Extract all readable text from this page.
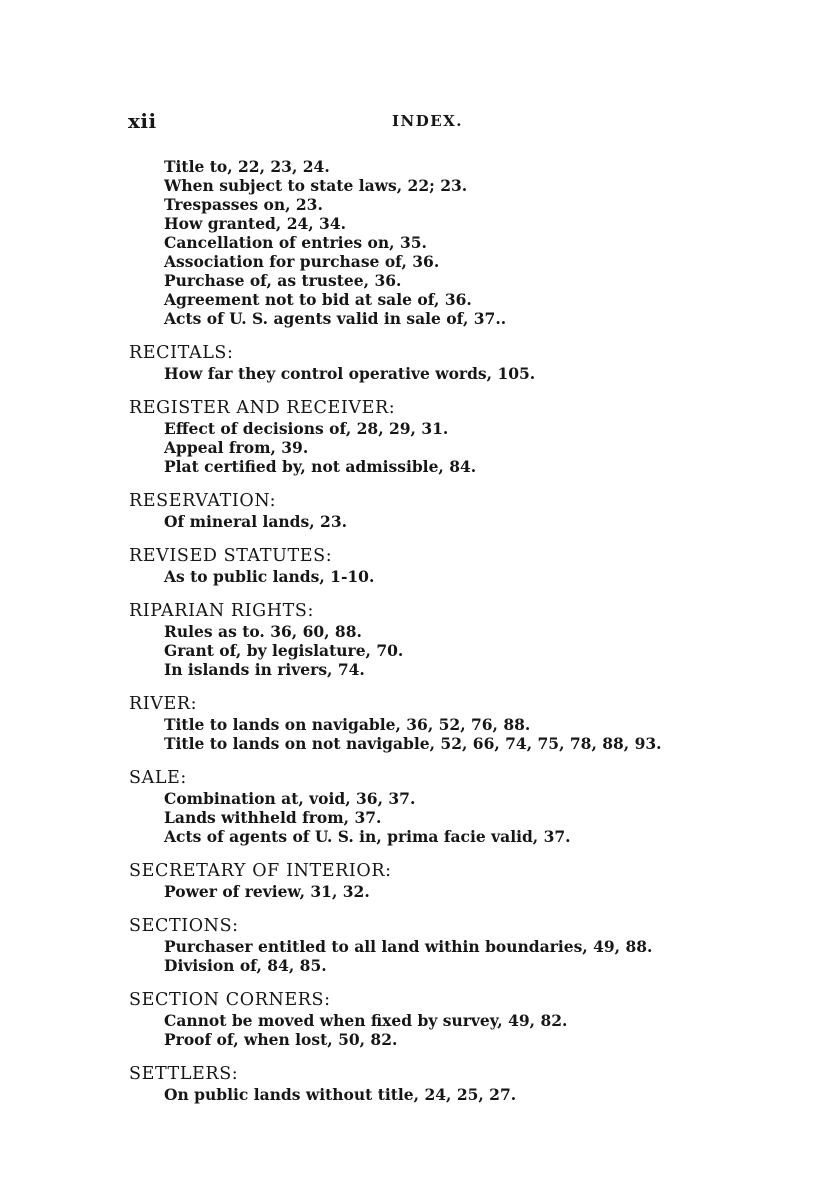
xii	INDEX.
Title to, 22, 23, 24.
When subject to state laws, 22; 23.
Trespasses on, 23.
How granted, 24, 34.
Cancellation of entries on, 35.
Association for purchase of, 36.
Purchase of, as trustee, 36.
Agreement not to bid at sale of, 36.
Acts of U. S. agents valid in sale of, 37..
RECITALS:
How far they control operative words, 105.
REGISTER AND RECEIVER:
Effect of decisions of, 28, 29, 31.
Appeal from, 39.
Plat certified by, not admissible, 84.
RESERVATION:
Of mineral lands, 23.
REVISED STATUTES:
As to public lands, 1-10.
RIPARIAN RIGHTS:
Rules as to. 36, 60, 88.
Grant of, by legislature, 70.
In islands in rivers, 74.
RIVER:
Title to lands on navigable, 36, 52, 76, 88.
Title to lands on not navigable, 52, 66, 74, 75, 78, 88, 93.
SALE:
Combination at, void, 36, 37.
Lands withheld from, 37.
Acts of agents of U. S. in, prima facie valid, 37.
SECRETARY OF INTERIOR:
Power of review, 31, 32.
SECTIONS:
Purchaser entitled to all land within boundaries, 49, 88.
Division of, 84, 85.
SECTION CORNERS:
Cannot be moved when fixed by survey, 49, 82.
Proof of, when lost, 50, 82.
SETTLERS:
On public lands without title, 24, 25, 27.
